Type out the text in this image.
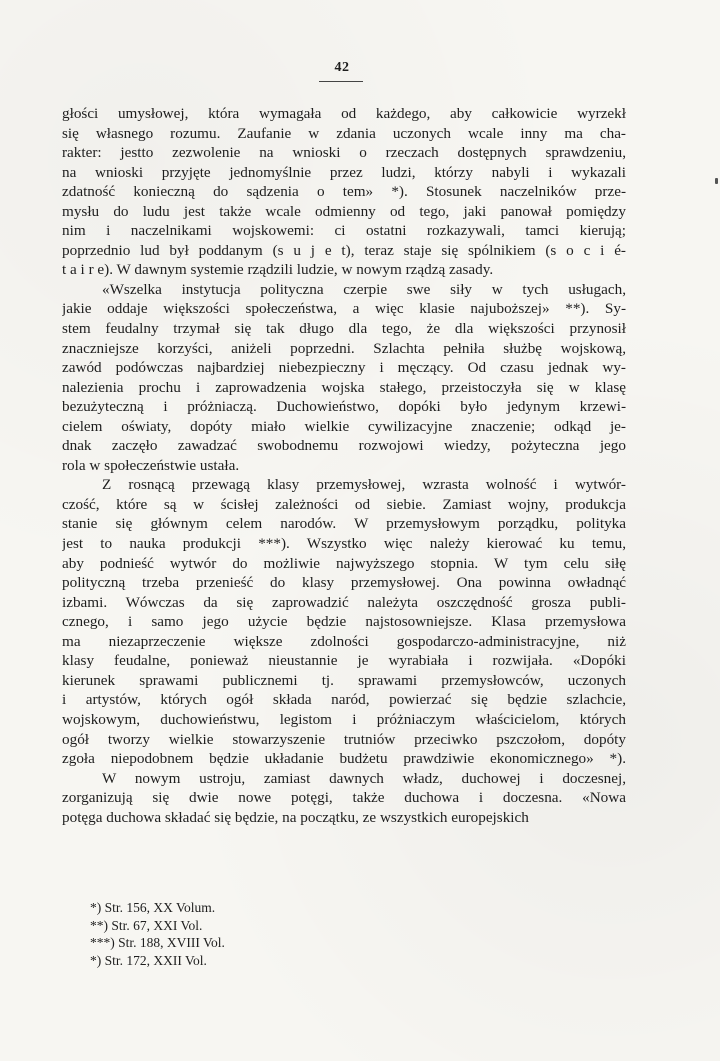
42
głości umysłowej, która wymagała od każdego, aby całkowicie wyrzekł
się własnego rozumu. Zaufanie w zdania uczonych wcale inny ma cha-
rakter: jestto zezwolenie na wnioski o rzeczach dostępnych sprawdzeniu,
na wnioski przyjęte jednomyślnie przez ludzi, którzy nabyli i wykazali
zdatność konieczną do sądzenia o tem» *). Stosunek naczelników prze-
mysłu do ludu jest także wcale odmienny od tego, jaki panował pomiędzy
nim i naczelnikami wojskowemi: ci ostatni rozkazywali, tamci kierują;
poprzednio lud był poddanym (s u j e t), teraz staje się spólnikiem (s o c i é-
t a i r e). W dawnym systemie rządzili ludzie, w nowym rządzą zasady.
«Wszelka instytucja polityczna czerpie swe siły w tych usługach,
jakie oddaje większości społeczeństwa, a więc klasie najuboższej» **). Sy-
stem feudalny trzymał się tak długo dla tego, że dla większości przynosił
znaczniejsze korzyści, aniżeli poprzedni. Szlachta pełniła służbę wojskową,
zawód podówczas najbardziej niebezpieczny i męczący. Od czasu jednak wy-
nalezienia prochu i zaprowadzenia wojska stałego, przeistoczyła się w klasę
bezużyteczną i próżniaczą. Duchowieństwo, dopóki było jedynym krzewi-
cielem oświaty, dopóty miało wielkie cywilizacyjne znaczenie; odkąd je-
dnak zaczęło zawadzać swobodnemu rozwojowi wiedzy, pożyteczna jego
rola w społeczeństwie ustała.
Z rosnącą przewagą klasy przemysłowej, wzrasta wolność i wytwór-
czość, które są w ścisłej zależności od siebie. Zamiast wojny, produkcja
stanie się głównym celem narodów. W przemysłowym porządku, polityka
jest to nauka produkcji ***). Wszystko więc należy kierować ku temu,
aby podnieść wytwór do możliwie najwyższego stopnia. W tym celu siłę
polityczną trzeba przenieść do klasy przemysłowej. Ona powinna owładnąć
izbami. Wówczas da się zaprowadzić należyta oszczędność grosza publi-
cznego, i samo jego użycie będzie najstosowniejsze. Klasa przemysłowa
ma niezaprzeczenie większe zdolności gospodarczo-administracyjne, niż
klasy feudalne, ponieważ nieustannie je wyrabiała i rozwijała. «Dopóki
kierunek sprawami publicznemi tj. sprawami przemysłowców, uczonych
i artystów, których ogół składa naród, powierzać się będzie szlachcie,
wojskowym, duchowieństwu, legistom i próżniaczym właścicielom, których
ogół tworzy wielkie stowarzyszenie trutniów przeciwko pszczołom, dopóty
zgoła niepodobnem będzie układanie budżetu prawdziwie ekonomicznego» *).
W nowym ustroju, zamiast dawnych władz, duchowej i doczesnej,
zorganizują się dwie nowe potęgi, także duchowa i doczesna. «Nowa
potęga duchowa składać się będzie, na początku, ze wszystkich europejskich
*) Str. 156, XX Volum.
**) Str. 67, XXI Vol.
***) Str. 188, XVIII Vol.
*) Str. 172, XXII Vol.
